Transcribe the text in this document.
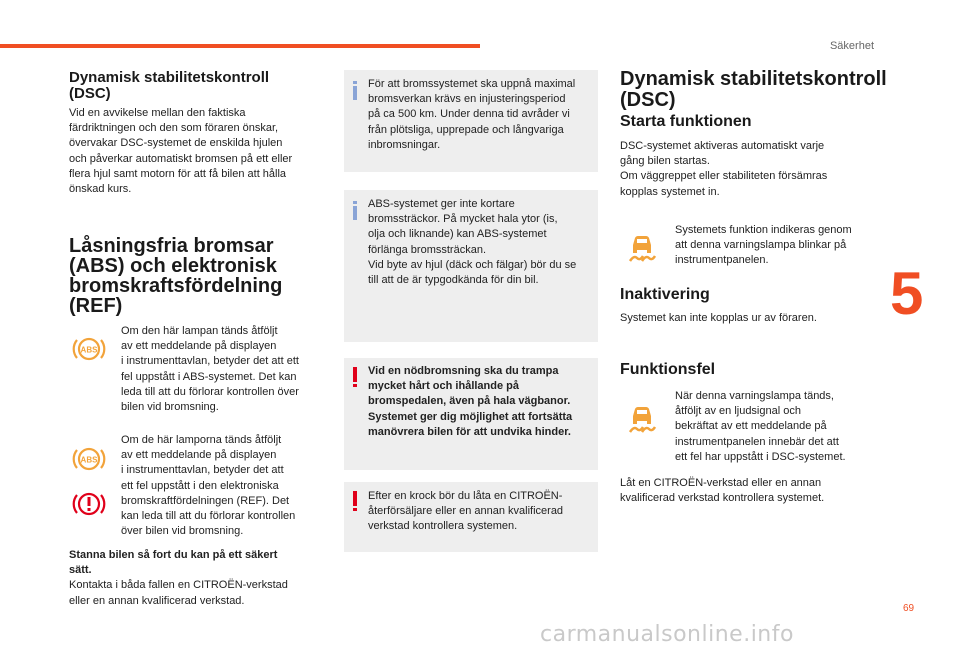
Säkerhet
5
69
carmanualsonline.info
Dynamisk stabilitetskontroll
(DSC)

Vid en avvikelse mellan den faktiska

färdriktningen och den som föraren önskar,

övervakar DSC-systemet de enskilda hjulen

och påverkar automatiskt bromsen på ett eller

flera hjul samt motorn för att få bilen att hålla

önskad kurs.

Låsningsfria bromsar
(ABS) och elektronisk
bromskraftsfördelning
(REF)
ABS

Om den här lampan tänds åtföljt

av ett meddelande på displayen

i instrumenttavlan, betyder det att ett

fel uppstått i ABS-systemet. Det kan

leda till att du förlorar kontrollen över

bilen vid bromsning.

ABS

Om de här lamporna tänds åtföljt

av ett meddelande på displayen

i instrumenttavlan, betyder det att

ett fel uppstått i den elektroniska

bromskraftfördelningen (REF). Det

kan leda till att du förlorar kontrollen

över bilen vid bromsning.

Stanna bilen så fort du kan på ett säkert

sätt.

Kontakta i båda fallen en CITROËN-verkstad

eller en annan kvalificerad verkstad.

För att bromssystemet ska uppnå maximal

bromsverkan krävs en injusteringsperiod

på ca 500 km. Under denna tid avråder vi

från plötsliga, upprepade och långvariga

inbromsningar.

ABS-systemet ger inte kortare

bromssträckor. På mycket hala ytor (is,

olja och liknande) kan ABS-systemet

förlänga bromssträckan.

Vid byte av hjul (däck och fälgar) bör du se

till att de är typgodkända för din bil.

Vid en nödbromsning ska du trampa

mycket hårt och ihållande på

bromspedalen, även på hala vägbanor.

Systemet ger dig möjlighet att fortsätta

manövrera bilen för att undvika hinder.

Efter en krock bör du låta en CITROËN-

återförsäljare eller en annan kvalificerad

verkstad kontrollera systemen.

Dynamisk stabilitetskontroll
(DSC)
Starta funktionen

DSC-systemet aktiveras automatiskt varje

gång bilen startas.

Om väggreppet eller stabiliteten försämras

kopplas systemet in.

Systemets funktion indikeras genom

att denna varningslampa blinkar på

instrumentpanelen.

Inaktivering

Systemet kan inte kopplas ur av föraren.

Funktionsfel

När denna varningslampa tänds,

åtföljt av en ljudsignal och

bekräftat av ett meddelande på

instrumentpanelen innebär det att

ett fel har uppstått i DSC-systemet.

Låt en CITROËN-verkstad eller en annan

kvalificerad verkstad kontrollera systemet.
